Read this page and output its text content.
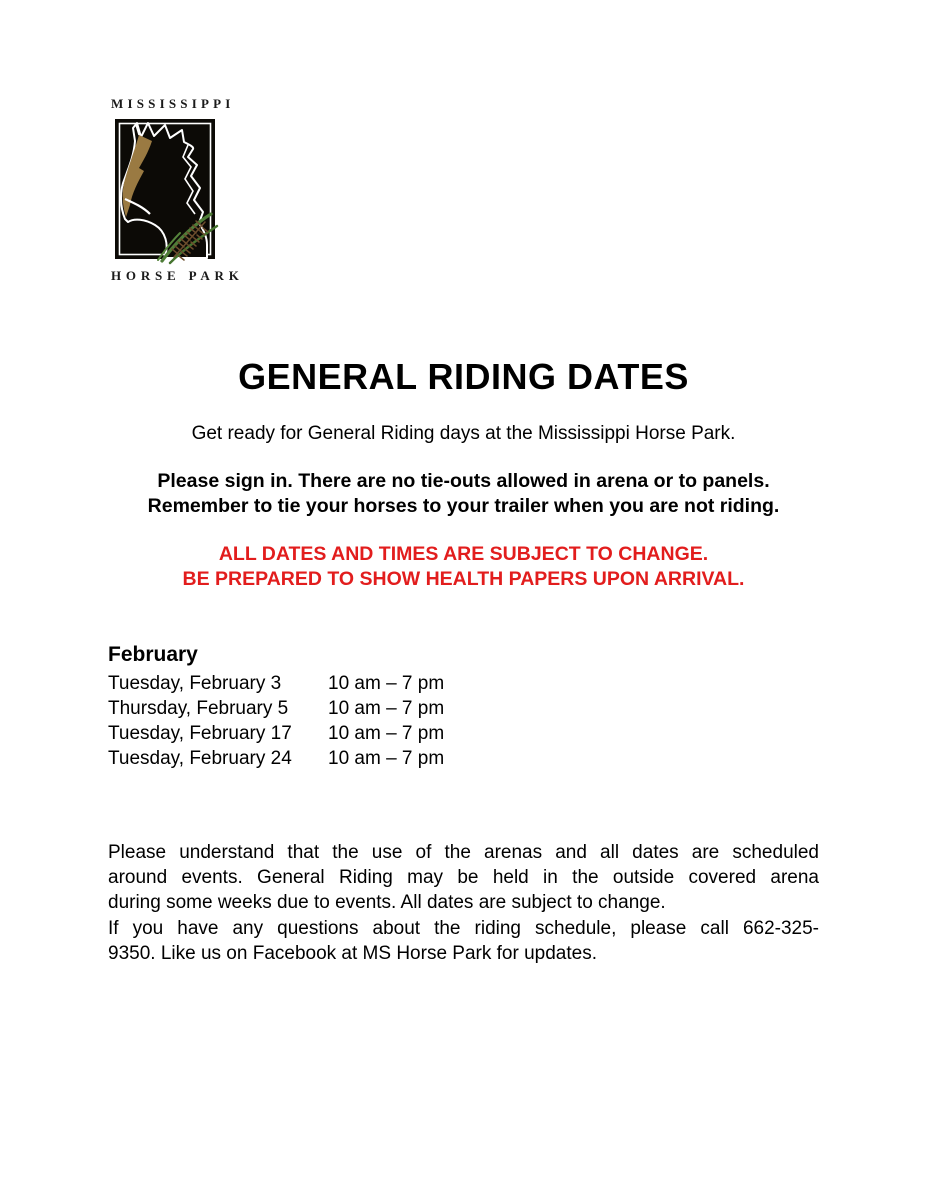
MISSISSIPPI
HORSE PARK
GENERAL RIDING DATES
Get ready for General Riding days at the Mississippi Horse Park.
Please sign in. There are no tie-outs allowed in arena or to panels.
Remember to tie your horses to your trailer when you are not riding.
ALL DATES AND TIMES ARE SUBJECT TO CHANGE.
BE PREPARED TO SHOW HEALTH PAPERS UPON ARRIVAL.
February
Tuesday, February 3	10 am – 7 pm
Thursday, February 5	10 am – 7 pm
Tuesday, February 17	10 am – 7 pm
Tuesday, February 24	10 am – 7 pm
Please understand that the use of the arenas and all dates are scheduled
around events. General Riding may be held in the outside covered arena
during some weeks due to events. All dates are subject to change.
If you have any questions about the riding schedule, please call 662-325-
9350. Like us on Facebook at MS Horse Park for updates.
